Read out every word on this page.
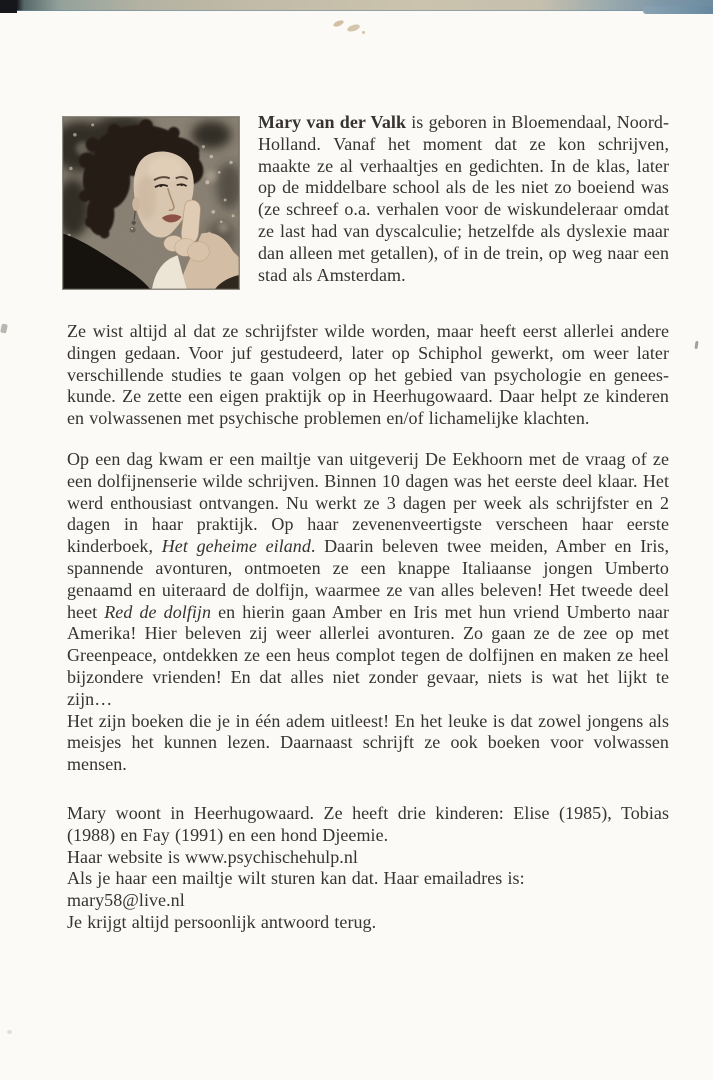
Mary van der Valk is geboren in Bloemendaal, Noord-Holland. Vanaf het moment dat ze kon schrijven, maakte ze al verhaaltjes en gedichten. In de klas, later op de middelbare school als de les niet zo boeiend was (ze schreef o.a. verhalen voor de wiskundeleraar omdat ze last had van dyscalculie; hetzelfde als dyslexie maar dan alleen met getallen), of in de trein, op weg naar een stad als Amsterdam.

Ze wist altijd al dat ze schrijfster wilde worden, maar heeft eerst allerlei andere dingen gedaan. Voor juf gestudeerd, later op Schiphol gewerkt, om weer later verschillende studies te gaan volgen op het gebied van psychologie en geneeskunde. Ze zette een eigen praktijk op in Heerhugowaard. Daar helpt ze kinderen en volwassenen met psychische problemen en/of lichamelijke klachten.

Op een dag kwam er een mailtje van uitgeverij De Eekhoorn met de vraag of ze een dolfijnenserie wilde schrijven. Binnen 10 dagen was het eerste deel klaar. Het werd enthousiast ontvangen. Nu werkt ze 3 dagen per week als schrijfster en 2 dagen in haar praktijk. Op haar zevenenveertigste verscheen haar eerste kinderboek, Het geheime eiland. Daarin beleven twee meiden, Amber en Iris, spannende avonturen, ontmoeten ze een knappe Italiaanse jongen Umberto genaamd en uiteraard de dolfijn, waarmee ze van alles beleven! Het tweede deel heet Red de dolfijn en hierin gaan Amber en Iris met hun vriend Umberto naar Amerika! Hier beleven zij weer allerlei avonturen. Zo gaan ze de zee op met Greenpeace, ontdekken ze een heus complot tegen de dolfijnen en maken ze heel bijzondere vrienden! En dat alles niet zonder gevaar, niets is wat het lijkt te zijn…
Het zijn boeken die je in één adem uitleest! En het leuke is dat zowel jongens als meisjes het kunnen lezen. Daarnaast schrijft ze ook boeken voor volwassen mensen.
Mary woont in Heerhugowaard. Ze heeft drie kinderen: Elise (1985), Tobias (1988) en Fay (1991) en een hond Djeemie.
Haar website is www.psychischehulp.nl
Als je haar een mailtje wilt sturen kan dat. Haar emailadres is:
mary58@live.nl
Je krijgt altijd persoonlijk antwoord terug.
